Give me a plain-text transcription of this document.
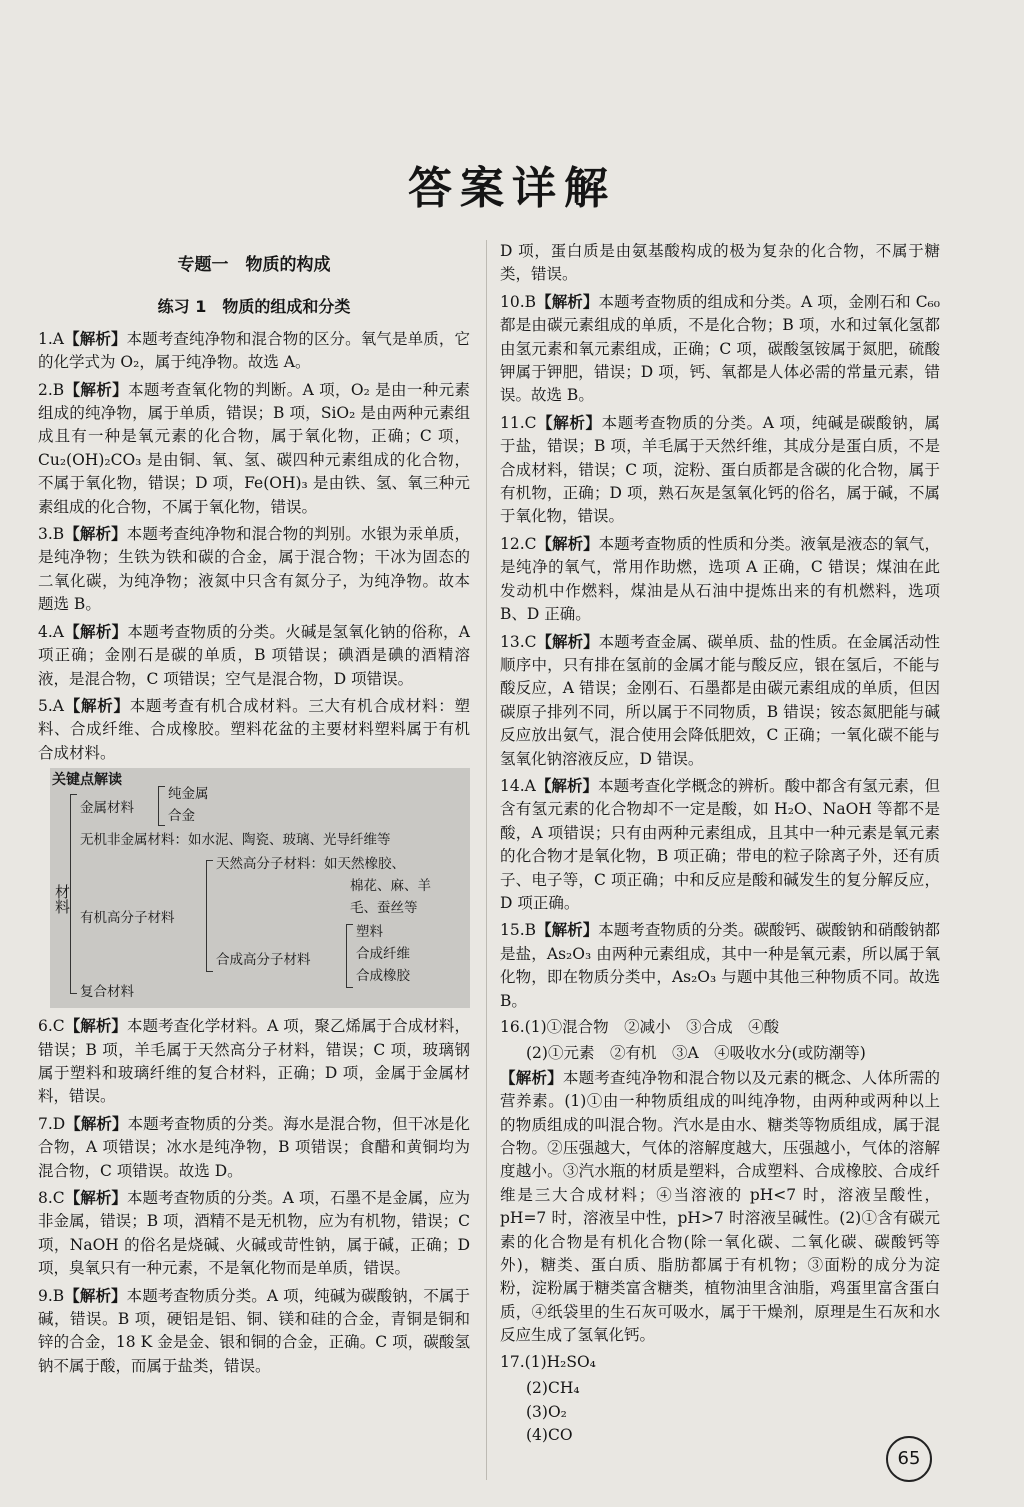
答案详解
专题一　物质的构成
练习 1　物质的组成和分类
1.A【解析】本题考查纯净物和混合物的区分。氧气是单质，它的化学式为 O₂，属于纯净物。故选 A。
2.B【解析】本题考查氧化物的判断。A 项，O₂ 是由一种元素组成的纯净物，属于单质，错误；B 项，SiO₂ 是由两种元素组成且有一种是氧元素的化合物，属于氧化物，正确；C 项，Cu₂(OH)₂CO₃ 是由铜、氧、氢、碳四种元素组成的化合物，不属于氧化物，错误；D 项，Fe(OH)₃ 是由铁、氢、氧三种元素组成的化合物，不属于氧化物，错误。
3.B【解析】本题考查纯净物和混合物的判别。水银为汞单质，是纯净物；生铁为铁和碳的合金，属于混合物；干冰为固态的二氧化碳，为纯净物；液氮中只含有氮分子，为纯净物。故本题选 B。
4.A【解析】本题考查物质的分类。火碱是氢氧化钠的俗称，A 项正确；金刚石是碳的单质，B 项错误；碘酒是碘的酒精溶液，是混合物，C 项错误；空气是混合物，D 项错误。
5.A【解析】本题考查有机合成材料。三大有机合成材料：塑料、合成纤维、合成橡胶。塑料花盆的主要材料塑料属于有机合成材料。
关键点解读
材料
金属材料
纯金属
合金
无机非金属材料：如水泥、陶瓷、玻璃、光导纤维等
有机高分子材料
天然高分子材料：如天然橡胶、
棉花、麻、羊
毛、蚕丝等
合成高分子材料
塑料
合成纤维
合成橡胶
复合材料
6.C【解析】本题考查化学材料。A 项，聚乙烯属于合成材料，错误；B 项，羊毛属于天然高分子材料，错误；C 项，玻璃钢属于塑料和玻璃纤维的复合材料，正确；D 项，金属于金属材料，错误。
7.D【解析】本题考查物质的分类。海水是混合物，但干冰是化合物，A 项错误；冰水是纯净物，B 项错误；食醋和黄铜均为混合物，C 项错误。故选 D。
8.C【解析】本题考查物质的分类。A 项，石墨不是金属，应为非金属，错误；B 项，酒精不是无机物，应为有机物，错误；C 项，NaOH 的俗名是烧碱、火碱或苛性钠，属于碱，正确；D 项，臭氧只有一种元素，不是氧化物而是单质，错误。
9.B【解析】本题考查物质分类。A 项，纯碱为碳酸钠，不属于碱，错误。B 项，硬铝是铝、铜、镁和硅的合金，青铜是铜和锌的合金，18 K 金是金、银和铜的合金，正确。C 项，碳酸氢钠不属于酸，而属于盐类，错误。
D 项，蛋白质是由氨基酸构成的极为复杂的化合物，不属于糖类，错误。
10.B【解析】本题考查物质的组成和分类。A 项，金刚石和 C₆₀ 都是由碳元素组成的单质，不是化合物；B 项，水和过氧化氢都由氢元素和氧元素组成，正确；C 项，碳酸氢铵属于氮肥，硫酸钾属于钾肥，错误；D 项，钙、氧都是人体必需的常量元素，错误。故选 B。
11.C【解析】本题考查物质的分类。A 项，纯碱是碳酸钠，属于盐，错误；B 项，羊毛属于天然纤维，其成分是蛋白质，不是合成材料，错误；C 项，淀粉、蛋白质都是含碳的化合物，属于有机物，正确；D 项，熟石灰是氢氧化钙的俗名，属于碱，不属于氧化物，错误。
12.C【解析】本题考查物质的性质和分类。液氧是液态的氧气，是纯净的氧气，常用作助燃，选项 A 正确，C 错误；煤油在此发动机中作燃料，煤油是从石油中提炼出来的有机燃料，选项 B、D 正确。
13.C【解析】本题考查金属、碳单质、盐的性质。在金属活动性顺序中，只有排在氢前的金属才能与酸反应，银在氢后，不能与酸反应，A 错误；金刚石、石墨都是由碳元素组成的单质，但因碳原子排列不同，所以属于不同物质，B 错误；铵态氮肥能与碱反应放出氨气，混合使用会降低肥效，C 正确；一氧化碳不能与氢氧化钠溶液反应，D 错误。
14.A【解析】本题考查化学概念的辨析。酸中都含有氢元素，但含有氢元素的化合物却不一定是酸，如 H₂O、NaOH 等都不是酸，A 项错误；只有由两种元素组成，且其中一种元素是氧元素的化合物才是氧化物，B 项正确；带电的粒子除离子外，还有质子、电子等，C 项正确；中和反应是酸和碱发生的复分解反应，D 项正确。
15.B【解析】本题考查物质的分类。碳酸钙、碳酸钠和硝酸钠都是盐，As₂O₃ 由两种元素组成，其中一种是氧元素，所以属于氧化物，即在物质分类中，As₂O₃ 与题中其他三种物质不同。故选 B。
16.(1)①混合物　②减小　③合成　④酸
(2)①元素　②有机　③A　④吸收水分(或防潮等)
【解析】本题考查纯净物和混合物以及元素的概念、人体所需的营养素。(1)①由一种物质组成的叫纯净物，由两种或两种以上的物质组成的叫混合物。汽水是由水、糖类等物质组成，属于混合物。②压强越大，气体的溶解度越大，压强越小，气体的溶解度越小。③汽水瓶的材质是塑料，合成塑料、合成橡胶、合成纤维是三大合成材料；④当溶液的 pH<7 时，溶液呈酸性，pH=7 时，溶液呈中性，pH>7 时溶液呈碱性。(2)①含有碳元素的化合物是有机化合物(除一氧化碳、二氧化碳、碳酸钙等外)，糖类、蛋白质、脂肪都属于有机物；③面粉的成分为淀粉，淀粉属于糖类富含糖类，植物油里含油脂，鸡蛋里富含蛋白质，④纸袋里的生石灰可吸水，属于干燥剂，原理是生石灰和水反应生成了氢氧化钙。
17.(1)H₂SO₄
(2)CH₄
(3)O₂
(4)CO
65
